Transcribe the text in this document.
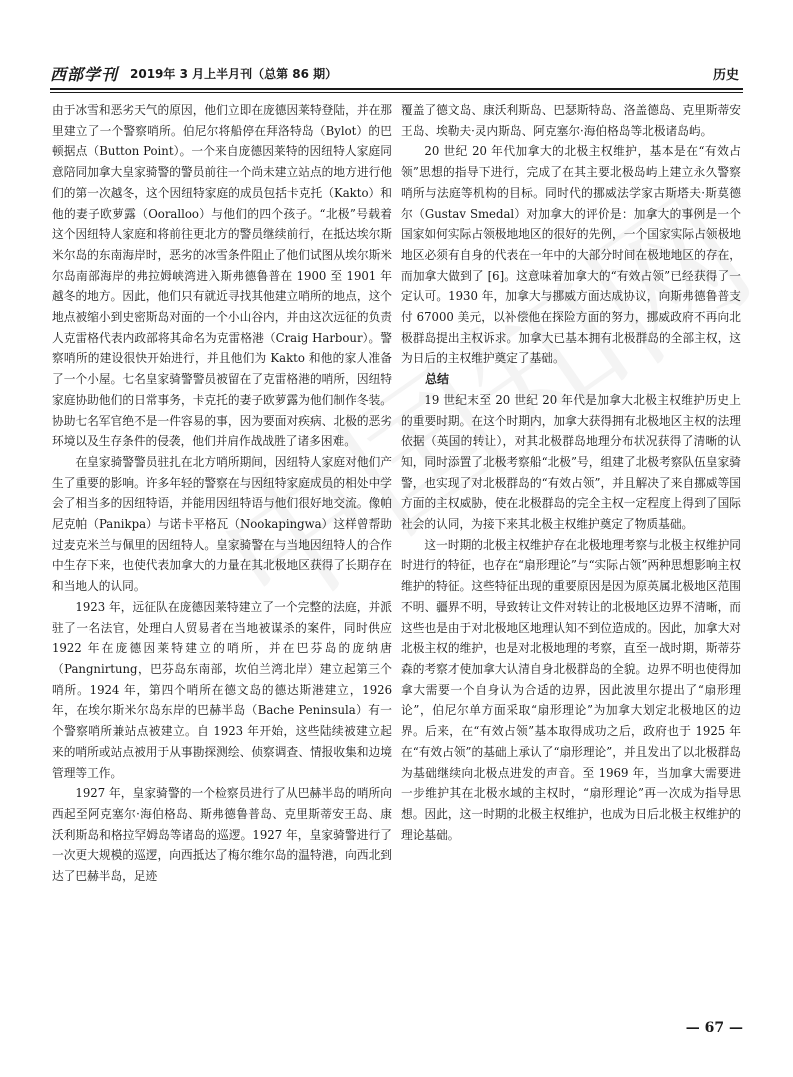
西部学刊 2019年 3 月上半月刊（总第 86 期）	历史

由于冰雪和恶劣天气的原因，他们立即在庞德因莱特登陆，并在那里建立了一个警察哨所。伯尼尔将船停在拜洛特岛（Bylot）的巴顿据点（Button Point）。一个来自庞德因莱特的因纽特人家庭同意陪同加拿大皇家骑警的警员前往一个尚未建立站点的地方进行他们的第一次越冬，这个因纽特家庭的成员包括卡克托（Kakto）和他的妻子欧萝露（Ooralloo）与他们的四个孩子。“北极”号载着这个因纽特人家庭和将前往更北方的警员继续前行，在抵达埃尔斯米尔岛的东南海岸时，恶劣的冰雪条件阻止了他们试图从埃尔斯米尔岛南部海岸的弗拉姆峡湾进入斯弗德鲁普在 1900 至 1901 年越冬的地方。因此，他们只有就近寻找其他建立哨所的地点，这个地点被缩小到史密斯岛对面的一个小山谷内，并由这次远征的负责人克雷格代表内政部将其命名为克雷格港（Craig Harbour）。警察哨所的建设很快开始进行，并且他们为 Kakto 和他的家人准备了一个小屋。七名皇家骑警警员被留在了克雷格港的哨所，因纽特家庭协助他们的日常事务，卡克托的妻子欧萝露为他们制作冬装。协助七名军官绝不是一件容易的事，因为要面对疾病、北极的恶劣环境以及生存条件的侵袭，他们并肩作战战胜了诸多困难。

在皇家骑警警员驻扎在北方哨所期间，因纽特人家庭对他们产生了重要的影响。许多年轻的警察在与因纽特家庭成员的相处中学会了相当多的因纽特语，并能用因纽特语与他们很好地交流。像帕尼克帕（Panikpa）与诺卡平格瓦（Nookapingwa）这样曾帮助过麦克米兰与佩里的因纽特人。皇家骑警在与当地因纽特人的合作中生存下来，也使代表加拿大的力量在其北极地区获得了长期存在和当地人的认同。

1923 年，远征队在庞德因莱特建立了一个完整的法庭，并派驻了一名法官，处理白人贸易者在当地被谋杀的案件，同时供应 1922 年在庞德因莱特建立的哨所，并在巴芬岛的庞纳唐（Pangnirtung，巴芬岛东南部，坎伯兰湾北岸）建立起第三个哨所。1924 年，第四个哨所在德文岛的德达斯港建立，1926 年，在埃尔斯米尔岛东岸的巴赫半岛（Bache Peninsula）有一个警察哨所兼站点被建立。自 1923 年开始，这些陆续被建立起来的哨所或站点被用于从事勘探测绘、侦察调查、情报收集和边境管理等工作。

1927 年，皇家骑警的一个检察员进行了从巴赫半岛的哨所向西起至阿克塞尔·海伯格岛、斯弗德鲁普岛、克里斯蒂安王岛、康沃利斯岛和格拉罕姆岛等诸岛的巡逻。1927 年，皇家骑警进行了一次更大规模的巡逻，向西抵达了梅尔维尔岛的温特港，向西北到达了巴赫半岛，足迹

覆盖了德文岛、康沃利斯岛、巴瑟斯特岛、洛盖德岛、克里斯蒂安王岛、埃勒夫·灵内斯岛、阿克塞尔·海伯格岛等北极诸岛屿。

20 世纪 20 年代加拿大的北极主权维护，基本是在“有效占领”思想的指导下进行，完成了在其主要北极岛屿上建立永久警察哨所与法庭等机构的目标。同时代的挪威法学家古斯塔夫·斯莫德尔（Gustav Smedal）对加拿大的评价是：加拿大的事例是一个国家如何实际占领极地地区的很好的先例，一个国家实际占领极地地区必须有自身的代表在一年中的大部分时间在极地地区的存在，而加拿大做到了 [6]。这意味着加拿大的“有效占领”已经获得了一定认可。1930 年，加拿大与挪威方面达成协议，向斯弗德鲁普支付 67000 美元，以补偿他在探险方面的努力，挪威政府不再向北极群岛提出主权诉求。加拿大已基本拥有北极群岛的全部主权，这为日后的主权维护奠定了基础。

总结

19 世纪末至 20 世纪 20 年代是加拿大北极主权维护历史上的重要时期。在这个时期内，加拿大获得拥有北极地区主权的法理依据（英国的转让），对其北极群岛地理分布状况获得了清晰的认知，同时添置了北极考察船“北极”号，组建了北极考察队伍皇家骑警，也实现了对北极群岛的“有效占领”，并且解决了来自挪威等国方面的主权威胁，使在北极群岛的完全主权一定程度上得到了国际社会的认同，为接下来其北极主权维护奠定了物质基础。

这一时期的北极主权维护存在北极地理考察与北极主权维护同时进行的特征，也存在“扇形理论”与“实际占领”两种思想影响主权维护的特征。这些特征出现的重要原因是因为原英属北极地区范围不明、疆界不明，导致转让文件对转让的北极地区边界不清晰，而这些也是由于对北极地区地理认知不到位造成的。因此，加拿大对北极主权的维护，也是对北极地理的考察，直至一战时期，斯蒂芬森的考察才使加拿大认清自身北极群岛的全貌。边界不明也使得加拿大需要一个自身认为合适的边界，因此波里尔提出了“扇形理论”，伯尼尔单方面采取“扇形理论”为加拿大划定北极地区的边界。后来，在“有效占领”基本取得成功之后，政府也于 1925 年在“有效占领”的基础上承认了“扇形理论”，并且发出了以北极群岛为基础继续向北极点进发的声音。至 1969 年，当加拿大需要进一步维护其在北极水域的主权时，“扇形理论”再一次成为指导思想。因此，这一时期的北极主权维护，也成为日后北极主权维护的理论基础。

— 67 —
